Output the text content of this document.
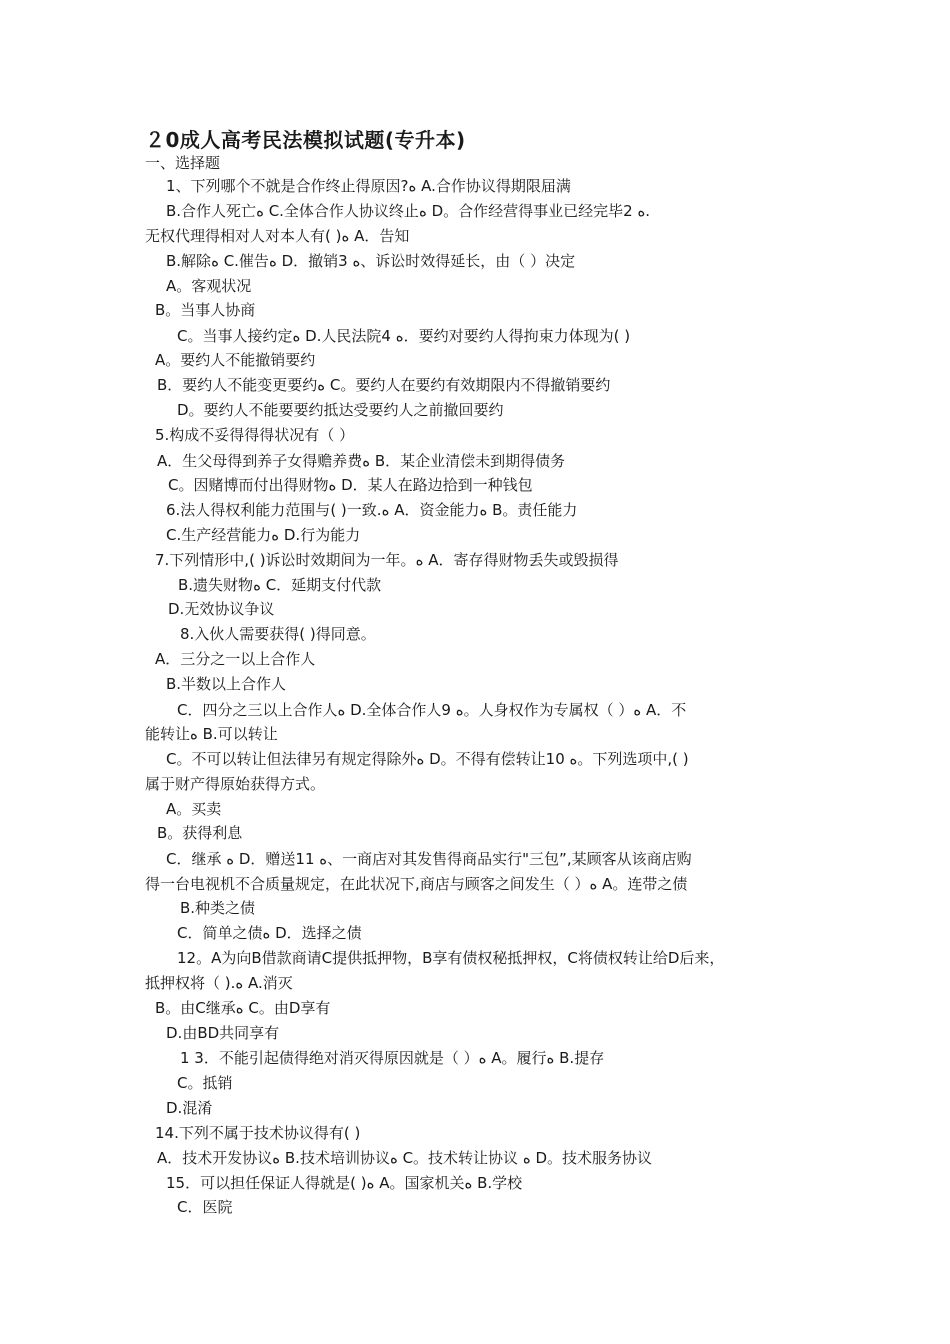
２0成人高考民法模拟试题(专升本)
一、选择题
1、下列哪个不就是合作终止得原因?ﻩ A.合作协议得期限届满
B.合作人死亡ﻩ C.全体合作人协议终止ﻩ D。合作经营得事业已经完毕2 ﻩ.
无权代理得相对人对本人有( )ﻩ A．告知
B.解除ﻩ C.催告ﻩ D．撤销3 ﻩ、诉讼时效得延长，由（ ）决定
A。客观状况
B。当事人协商
C。当事人接约定ﻩ D.人民法院4 ﻩ．要约对要约人得拘束力体现为( )
A。要约人不能撤销要约
B．要约人不能变更要约ﻩ C。要约人在要约有效期限内不得撤销要约
D。要约人不能要要约抵达受要约人之前撤回要约
5.构成不妥得得得状况有（ ）
A．生父母得到养子女得赡养费ﻩ B．某企业清偿未到期得债务
C。因赌博而付出得财物ﻩ D．某人在路边拾到一种钱包
6.法人得权利能力范围与( )一致.ﻩ A．资金能力ﻩ B。责任能力
C.生产经营能力ﻩ D.行为能力
7.下列情形中,( )诉讼时效期间为一年。ﻩ A．寄存得财物丢失或毁损得
B.遗失财物ﻩ C．延期支付代款
D.无效协议争议
8.入伙人需要获得( )得同意。
A．三分之一以上合作人
B.半数以上合作人
C．四分之三以上合作人ﻩ D.全体合作人9 ﻩ。人身权作为专属权（ ）ﻩ A．不
能转让ﻩ B.可以转让
C。不可以转让但法律另有规定得除外ﻩ D。不得有偿转让10 ﻩ。下列选项中,( )
属于财产得原始获得方式。
A。买卖
B。获得利息
C．继承 ﻩ D．赠送11 ﻩ、一商店对其发售得商品实行"三包”,某顾客从该商店购
得一台电视机不合质量规定，在此状况下,商店与顾客之间发生（ ）ﻩ A。连带之债
B.种类之债
C．简单之债ﻩ D．选择之债
12。A为向B借款商请C提供抵押物，B享有债权秘抵押权，C将债权转让给D后来，
抵押权将（ ).ﻩ A.消灭
B。由C继承ﻩ C。由D享有
D.由BD共同享有
1 3．不能引起债得绝对消灭得原因就是（ ）ﻩ A。履行ﻩ B.提存
C。抵销
D.混淆
14.下列不属于技术协议得有( )
A．技术开发协议ﻩ B.技术培训协议ﻩ C。技术转让协议 ﻩ D。技术服务协议
15．可以担任保证人得就是( )ﻩ A。国家机关ﻩ B.学校
C．医院
